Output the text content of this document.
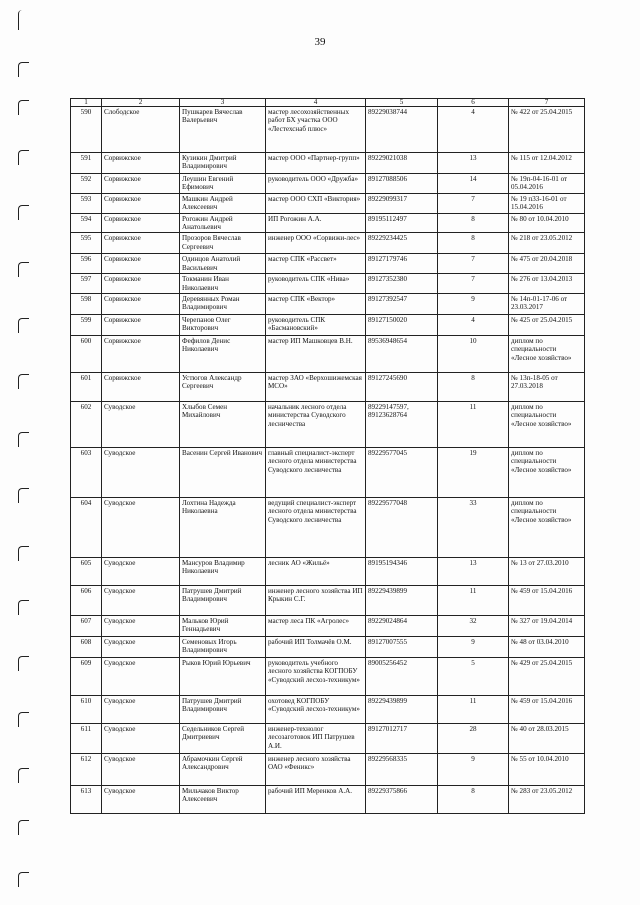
39
1	2	3	4	5	6	7
590	Слободское	Пушкарев Вячеслав Валерьевич	мастер лесохозяйственных работ БХ участка ООО «Лестехснаб плюс»	89229038744	4	№ 422 от 25.04.2015
591	Сорвижское	Кузикин Дмитрий Владимирович	мастер ООО «Партнер-групп»	89229021038	13	№ 115 от 12.04.2012
592	Сорвижское	Леушин Евгений Ефимович	руководитель ООО «Дружба»	89127088506	14	№ 19п-04-16-01 от 05.04.2016
593	Сорвижское	Машкин Андрей Алексеевич	мастер ООО СХП «Виктория»	89229099317	7	№ 19 п33-16-01 от 15.04.2016
594	Сорвижское	Рогожин Андрей Анатольевич	ИП Рогожин А.А.	89195112497	8	№ 80 от 10.04.2010
595	Сорвижское	Прозоров Вячеслав Сергеевич	инженер ООО «Сорвижи-лес»	89229234425	8	№ 218 от 23.05.2012
596	Сорвижское	Одинцов Анатолий Васильевич	мастер СПК «Рассвет»	89127179746	7	№ 475 от 20.04.2018
597	Сорвижское	Токманин Иван Николаевич	руководитель СПК «Нива»	89127352380	7	№ 276 от 13.04.2013
598	Сорвижское	Деревянных Роман Владимирович	мастер СПК «Вектор»	89127392547	9	№ 14п-01-17-06 от 23.03.2017
599	Сорвижское	Черепанов Олег Викторович	руководитель СПК «Басмановский»	89127150020	4	№ 425 от 25.04.2015
600	Сорвижское	Фефилов Денис Николаевич	мастер ИП Машковцев В.Н.	89536948654	10	диплом по специальности «Лесное хозяйство»
601	Сорвижское	Устюгов Александр Сергеевич	мастер ЗАО «Верхошижемская МСО»	89127245690	8	№ 13п-18-05 от 27.03.2018
602	Суводское	Хлыбов Семен Михайлович	начальник лесного отдела министерства Суводского лесничества	89229147597, 89123628764	11	диплом по специальности «Лесное хозяйство»
603	Суводское	Васенин Сергей Иванович	главный специалист-эксперт лесного отдела министерства Суводского лесничества	89229577045	19	диплом по специальности «Лесное хозяйство»
604	Суводское	Лохтина Надежда Николаевна	ведущий специалист-эксперт лесного отдела министерства Суводского лесничества	89229577048	33	диплом по специальности «Лесное хозяйство»
605	Суводское	Мансуров Владимир Николаевич	лесник АО «Жильё»	89195194346	13	№ 13 от 27.03.2010
606	Суводское	Патрушев Дмитрий Владимирович	инженер лесного хозяйства ИП Крыкин С.Г.	89229439899	11	№ 459 от 15.04.2016
607	Суводское	Мальков Юрий Геннадьевич	мастер леса ПК «Агролес»	89229024864	32	№ 327 от 19.04.2014
608	Суводское	Семеновых Игорь Владимирович	рабочий ИП Толмачёв О.М.	89127007555	9	№ 48 от 03.04.2010
609	Суводское	Рыков Юрий Юрьевич	руководитель учебного лесного хозяйства КОГПОБУ «Суводский лесхоз-техникум»	89005256452	5	№ 429 от 25.04.2015
610	Суводское	Патрушев Дмитрий Владимирович	охотовед КОГПОБУ «Суводский лесхоз-техникум»	89229439899	11	№ 459 от 15.04.2016
611	Суводское	Седельников Сергей Дмитриевич	инженер-технолог лесозаготовок ИП Патрушев А.И.	89127012717	28	№ 40 от 28.03.2015
612	Суводское	Абрамочкин Сергей Александрович	инженер лесного хозяйства ОАО «Феникс»	89229568335	9	№ 55 от 10.04.2010
613	Суводское	Мильчаков Виктор Алексеевич	рабочий ИП Меренков А.А.	89229375866	8	№ 283 от 23.05.2012
